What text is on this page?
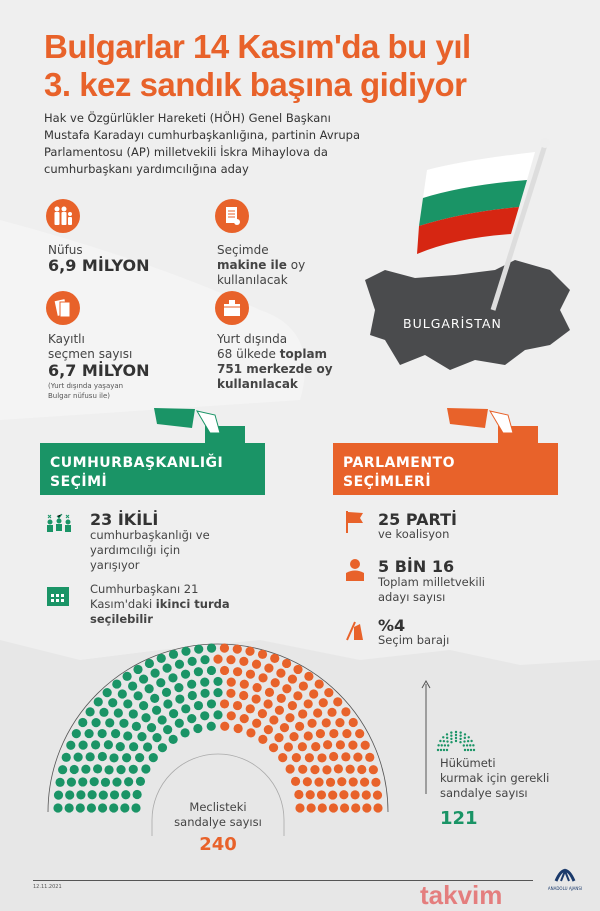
Bulgarlar 14 Kasım'da bu yıl
3. kez sandık başına gidiyor
Hak ve Özgürlükler Hareketi (HÖH) Genel Başkanı Mustafa Karadayı cumhurbaşkanlığına, partinin Avrupa Parlamentosu (AP) milletvekili İskra Mihaylova da cumhurbaşkanı yardımcılığına aday
Nüfus
6,9 MİLYON
Kayıtlı
seçmen sayısı
6,7 MİLYON
(Yurt dışında yaşayan Bulgar nüfusu ile)
Seçimde
makine ile oy
kullanılacak
Yurt dışında
68 ülkede toplam
751 merkezde oy
kullanılacak
BULGARİSTAN
CUMHURBAŞKANLIĞI
SEÇİMİ
23 İKİLİ
cumhurbaşkanlığı ve
yardımcılığı için
yarışıyor
Cumhurbaşkanı 21
Kasım'daki ikinci turda
seçilebilir
PARLAMENTO
SEÇİMLERİ
25 PARTİ
ve koalisyon
5 BİN 16
Toplam milletvekili
adayı sayısı
%4
Seçim barajı
Meclisteki
sandalye sayısı
240
Hükümeti
kurmak için gerekli
sandalye sayısı
121
12.11.2021	takvim	ANADOLU AJANSI
